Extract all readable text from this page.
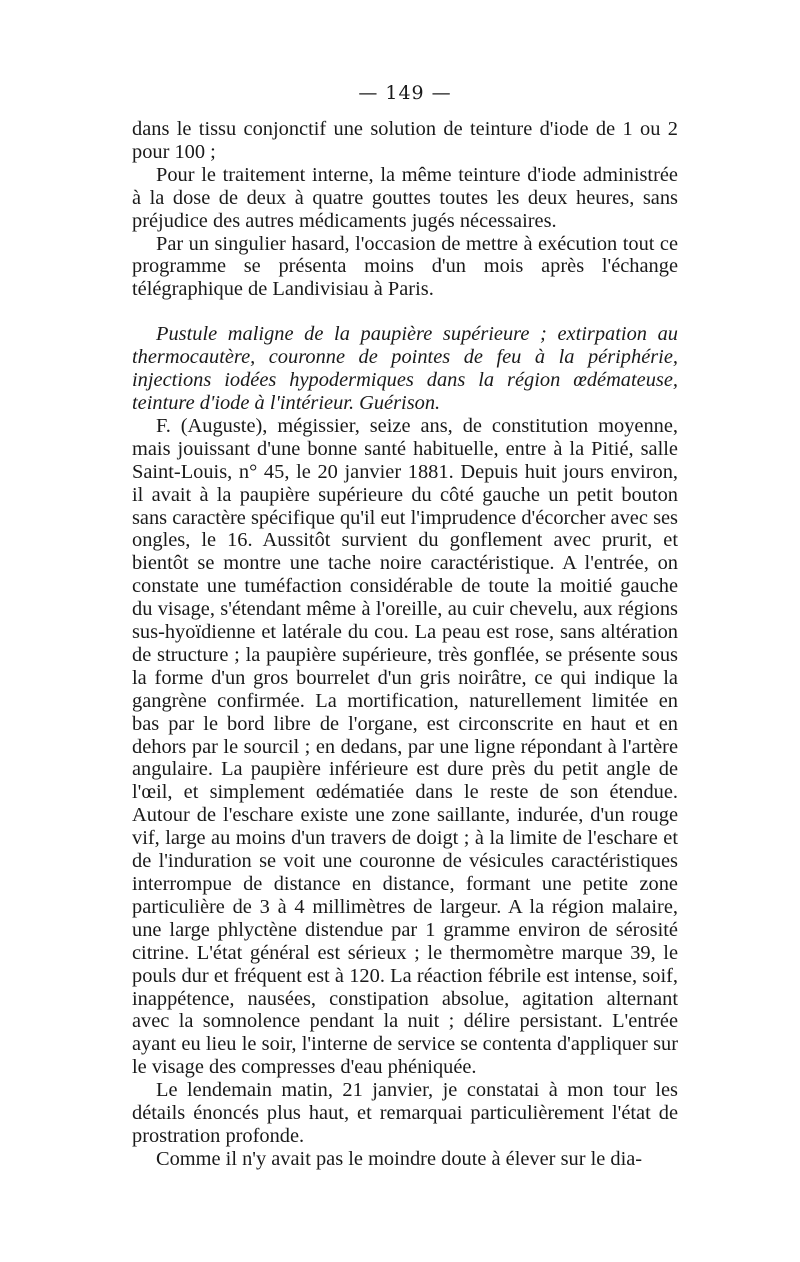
— 149 —

dans le tissu conjonctif une solution de teinture d'iode de 1 ou 2 pour 100 ;

Pour le traitement interne, la même teinture d'iode administrée à la dose de deux à quatre gouttes toutes les deux heures, sans préjudice des autres médicaments jugés nécessaires.

Par un singulier hasard, l'occasion de mettre à exécution tout ce programme se présenta moins d'un mois après l'échange télégraphique de Landivisiau à Paris.

Pustule maligne de la paupière supérieure ; extirpation au thermocautère, couronne de pointes de feu à la périphérie, injections iodées hypodermiques dans la région œdémateuse, teinture d'iode à l'intérieur. Guérison.

F. (Auguste), mégissier, seize ans, de constitution moyenne, mais jouissant d'une bonne santé habituelle, entre à la Pitié, salle Saint-Louis, n° 45, le 20 janvier 1881. Depuis huit jours environ, il avait à la paupière supérieure du côté gauche un petit bouton sans caractère spécifique qu'il eut l'imprudence d'écorcher avec ses ongles, le 16. Aussitôt survient du gonflement avec prurit, et bientôt se montre une tache noire caractéristique. A l'entrée, on constate une tuméfaction considérable de toute la moitié gauche du visage, s'étendant même à l'oreille, au cuir chevelu, aux régions sus-hyoïdienne et latérale du cou. La peau est rose, sans altération de structure ; la paupière supérieure, très gonflée, se présente sous la forme d'un gros bourrelet d'un gris noirâtre, ce qui indique la gangrène confirmée. La mortification, naturellement limitée en bas par le bord libre de l'organe, est circonscrite en haut et en dehors par le sourcil ; en dedans, par une ligne répondant à l'artère angulaire. La paupière inférieure est dure près du petit angle de l'œil, et simplement œdématiée dans le reste de son étendue. Autour de l'eschare existe une zone saillante, indurée, d'un rouge vif, large au moins d'un travers de doigt ; à la limite de l'eschare et de l'induration se voit une couronne de vésicules caractéristiques interrompue de distance en distance, formant une petite zone particulière de 3 à 4 millimètres de largeur. A la région malaire, une large phlyctène distendue par 1 gramme environ de sérosité citrine. L'état général est sérieux ; le thermomètre marque 39, le pouls dur et fréquent est à 120. La réaction fébrile est intense, soif, inappétence, nausées, constipation absolue, agitation alternant avec la somnolence pendant la nuit ; délire persistant. L'entrée ayant eu lieu le soir, l'interne de service se contenta d'appliquer sur le visage des compresses d'eau phéniquée.

Le lendemain matin, 21 janvier, je constatai à mon tour les détails énoncés plus haut, et remarquai particulièrement l'état de prostration profonde.

Comme il n'y avait pas le moindre doute à élever sur le dia-
